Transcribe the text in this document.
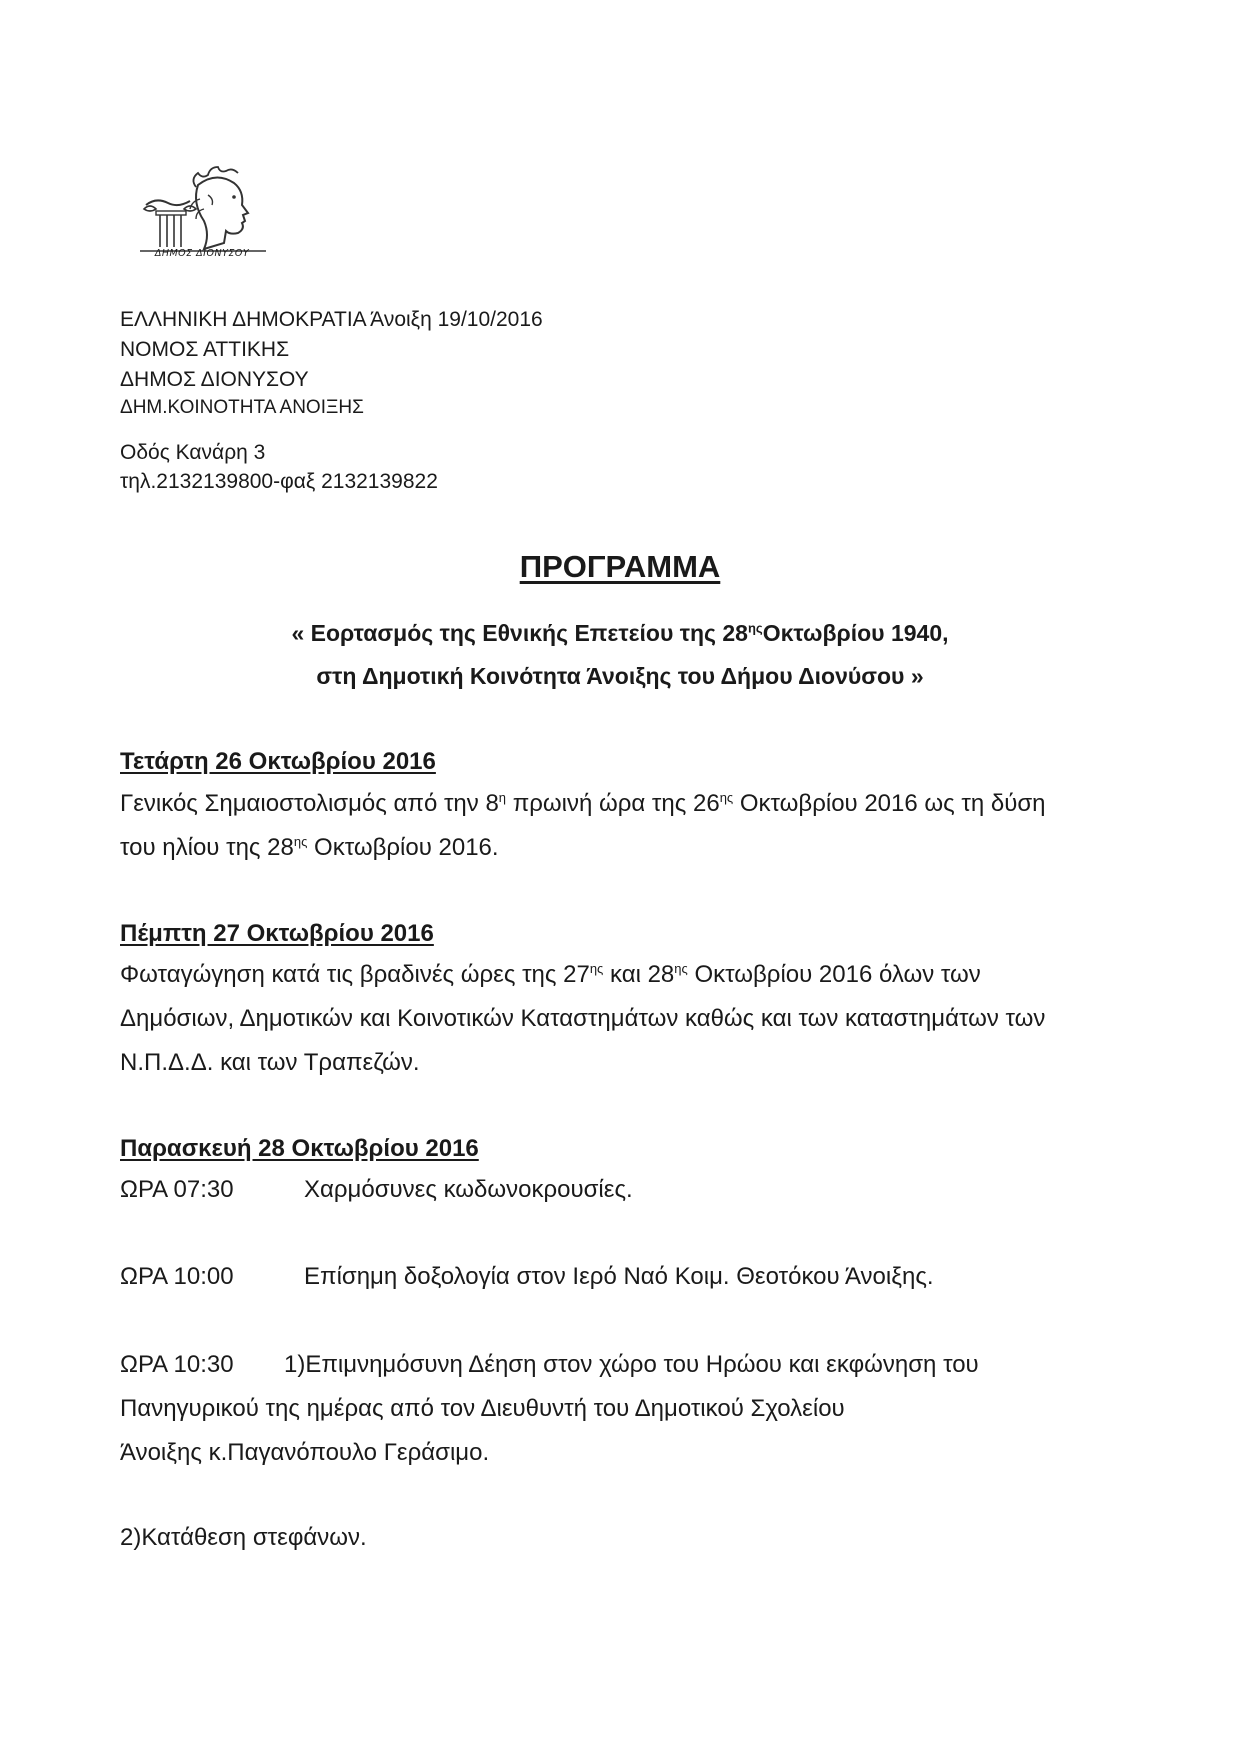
ΔΗΜΟΣ ΔΙΟΝΥΣΟΥ
ΕΛΛΗΝΙΚΗ ΔΗΜΟΚΡΑΤΙΑ Άνοιξη 19/10/2016
ΝΟΜΟΣ ΑΤΤΙΚΗΣ
ΔΗΜΟΣ ΔΙΟΝΥΣΟΥ
ΔΗΜ.ΚΟΙΝΟΤΗΤΑ ΑΝΟΙΞΗΣ
Οδός Κανάρη 3
τηλ.2132139800-φαξ 2132139822
ΠΡΟΓΡΑΜΜΑ
« Εορτασμός της Εθνικής Επετείου της $28^{\eta\varsigma}O\kappa\tau\omega\beta\rho ίo\upsilon$ 1940,
στη Δημοτική Κοινότητα Άνοιξης του Δήμου Διονύσου »
Τετάρτη 26 Οκτωβρίου 2016
Γενικός Σημαιοστολισμός από την $8^\eta$ πρωινή ώρα της $26^{\eta\varsigma}$ Οκτωβρίου 2016 ως τη δύση
του ηλίου της $28^{\eta\varsigma}$ Οκτωβρίου 2016.
Πέμπτη 27 Οκτωβρίου 2016
Φωταγώγηση κατά τις βραδινές ώρες της $27^{\eta\varsigma}$ και $28^{\eta\varsigma}$ Οκτωβρίου 2016 όλων των
Δημόσιων, Δημοτικών και Κοινοτικών Καταστημάτων καθώς και των καταστημάτων των
Ν.Π.Δ.Δ. και των Τραπεζών.
Παρασκευή 28 Οκτωβρίου 2016
ΩΡΑ 07:30	Χαρμόσυνες κωδωνοκρουσίες.
ΩΡΑ 10:00	Επίσημη δοξολογία στον Ιερό Ναό Κοιμ. Θεοτόκου Άνοιξης.
ΩΡΑ 10:30 1)Επιμνημόσυνη Δέηση στον χώρο του Ηρώου και εκφώνηση του
Πανηγυρικού της ημέρας από τον Διευθυντή του Δημοτικού Σχολείου
Άνοιξης κ.Παγανόπουλο Γεράσιμο.
2)Κατάθεση στεφάνων.
